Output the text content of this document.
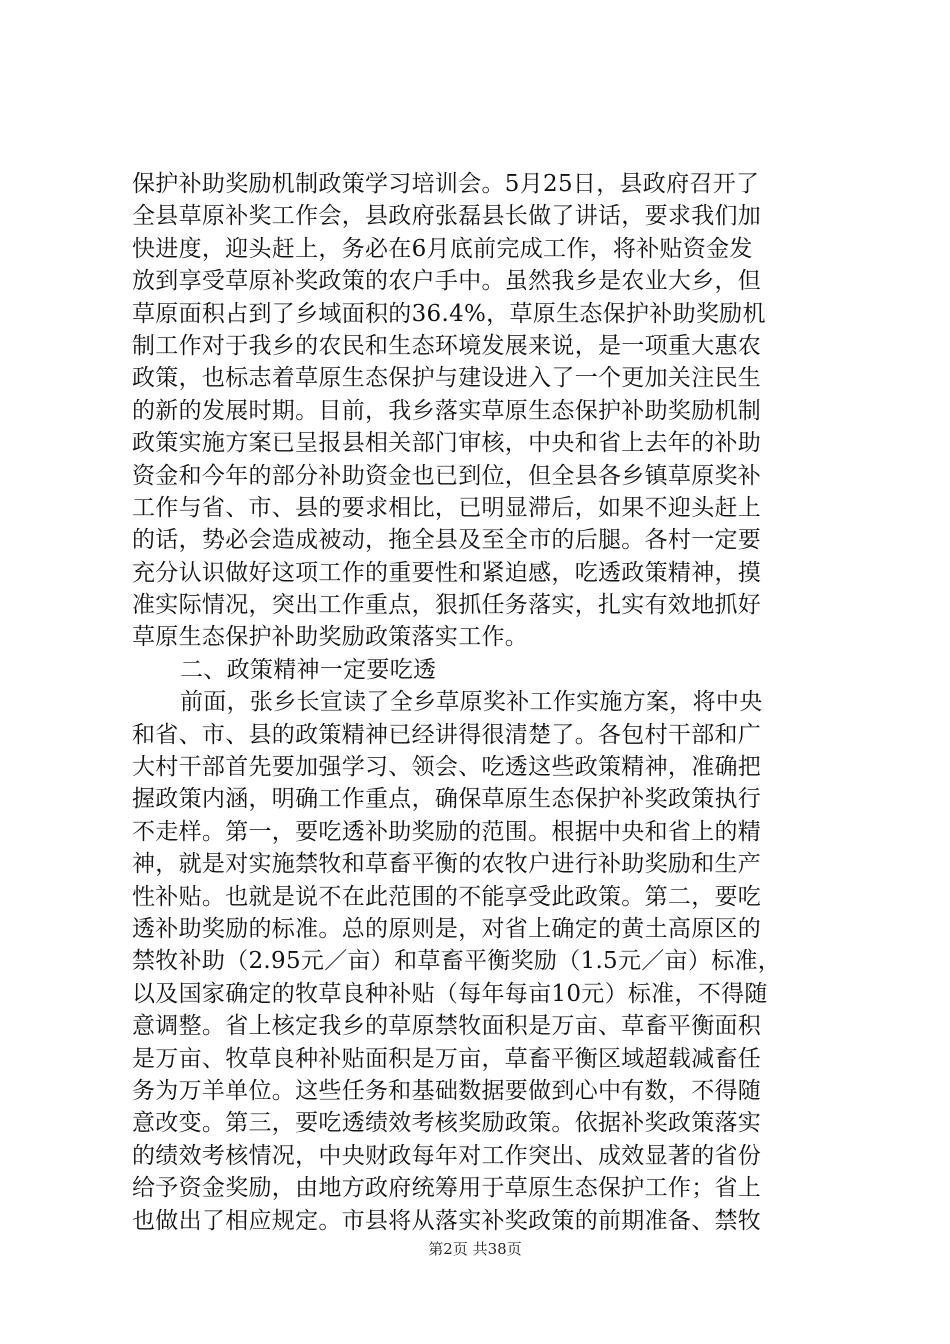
保护补助奖励机制政策学习培训会。5月25日，县政府召开了
全县草原补奖工作会，县政府张磊县长做了讲话，要求我们加
快进度，迎头赶上，务必在6月底前完成工作，将补贴资金发
放到享受草原补奖政策的农户手中。虽然我乡是农业大乡，但
草原面积占到了乡域面积的36.4%，草原生态保护补助奖励机
制工作对于我乡的农民和生态环境发展来说，是一项重大惠农
政策，也标志着草原生态保护与建设进入了一个更加关注民生
的新的发展时期。目前，我乡落实草原生态保护补助奖励机制
政策实施方案已呈报县相关部门审核，中央和省上去年的补助
资金和今年的部分补助资金也已到位，但全县各乡镇草原奖补
工作与省、市、县的要求相比，已明显滞后，如果不迎头赶上
的话，势必会造成被动，拖全县及至全市的后腿。各村一定要
充分认识做好这项工作的重要性和紧迫感，吃透政策精神，摸
准实际情况，突出工作重点，狠抓任务落实，扎实有效地抓好
草原生态保护补助奖励政策落实工作。
二、政策精神一定要吃透
前面，张乡长宣读了全乡草原奖补工作实施方案，将中央
和省、市、县的政策精神已经讲得很清楚了。各包村干部和广
大村干部首先要加强学习、领会、吃透这些政策精神，准确把
握政策内涵，明确工作重点，确保草原生态保护补奖政策执行
不走样。第一，要吃透补助奖励的范围。根据中央和省上的精
神，就是对实施禁牧和草畜平衡的农牧户进行补助奖励和生产
性补贴。也就是说不在此范围的不能享受此政策。第二，要吃
透补助奖励的标准。总的原则是，对省上确定的黄土高原区的
禁牧补助（2.95元／亩）和草畜平衡奖励（1.5元／亩）标准，
以及国家确定的牧草良种补贴（每年每亩10元）标准，不得随
意调整。省上核定我乡的草原禁牧面积是万亩、草畜平衡面积
是万亩、牧草良种补贴面积是万亩，草畜平衡区域超载减畜任
务为万羊单位。这些任务和基础数据要做到心中有数，不得随
意改变。第三，要吃透绩效考核奖励政策。依据补奖政策落实
的绩效考核情况，中央财政每年对工作突出、成效显著的省份
给予资金奖励，由地方政府统筹用于草原生态保护工作；省上
也做出了相应规定。市县将从落实补奖政策的前期准备、禁牧
第2页 共38页
